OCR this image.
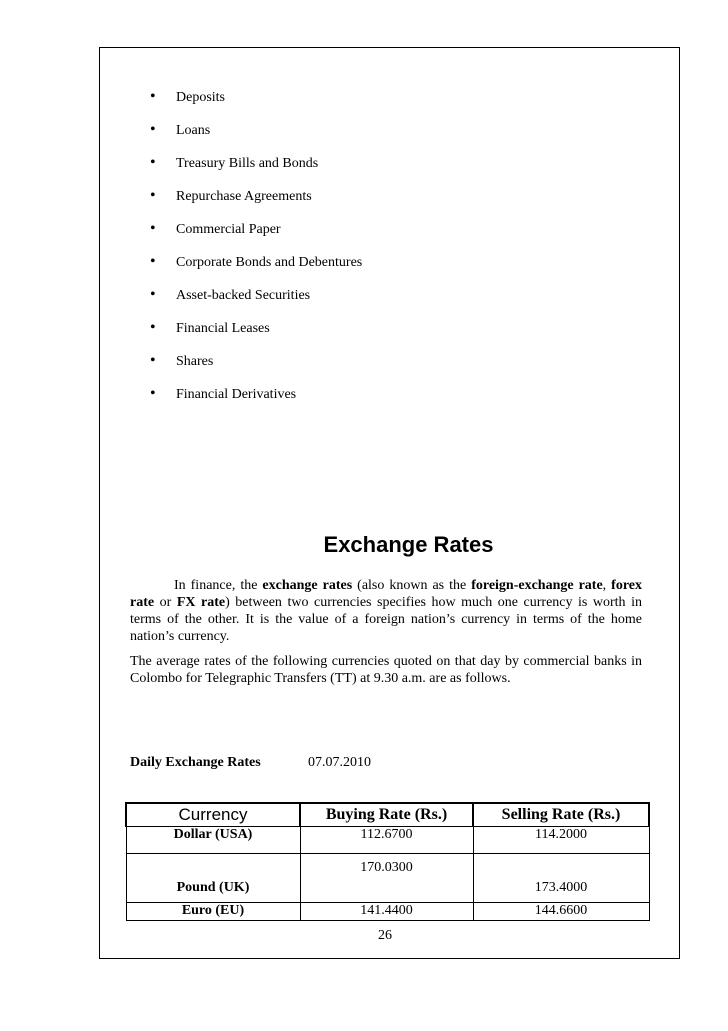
• Deposits
• Loans
• Treasury Bills and Bonds
• Repurchase Agreements
• Commercial Paper
• Corporate Bonds and Debentures
• Asset-backed Securities
• Financial Leases
• Shares
• Financial Derivatives
Exchange Rates
In finance, the exchange rates (also known as the foreign-exchange rate, forex rate or FX rate) between two currencies specifies how much one currency is worth in terms of the other. It is the value of a foreign nation’s currency in terms of the home nation’s currency.
The average rates of the following currencies quoted on that day by commercial banks in Colombo for Telegraphic Transfers (TT) at 9.30 a.m. are as follows.
Daily Exchange Rates	07.07.2010
Currency	Buying Rate (Rs.)	Selling Rate (Rs.)
Dollar (USA)	112.6700	114.2000
Pound (UK)	170.0300	173.4000
Euro (EU)	141.4400	144.6600
26
